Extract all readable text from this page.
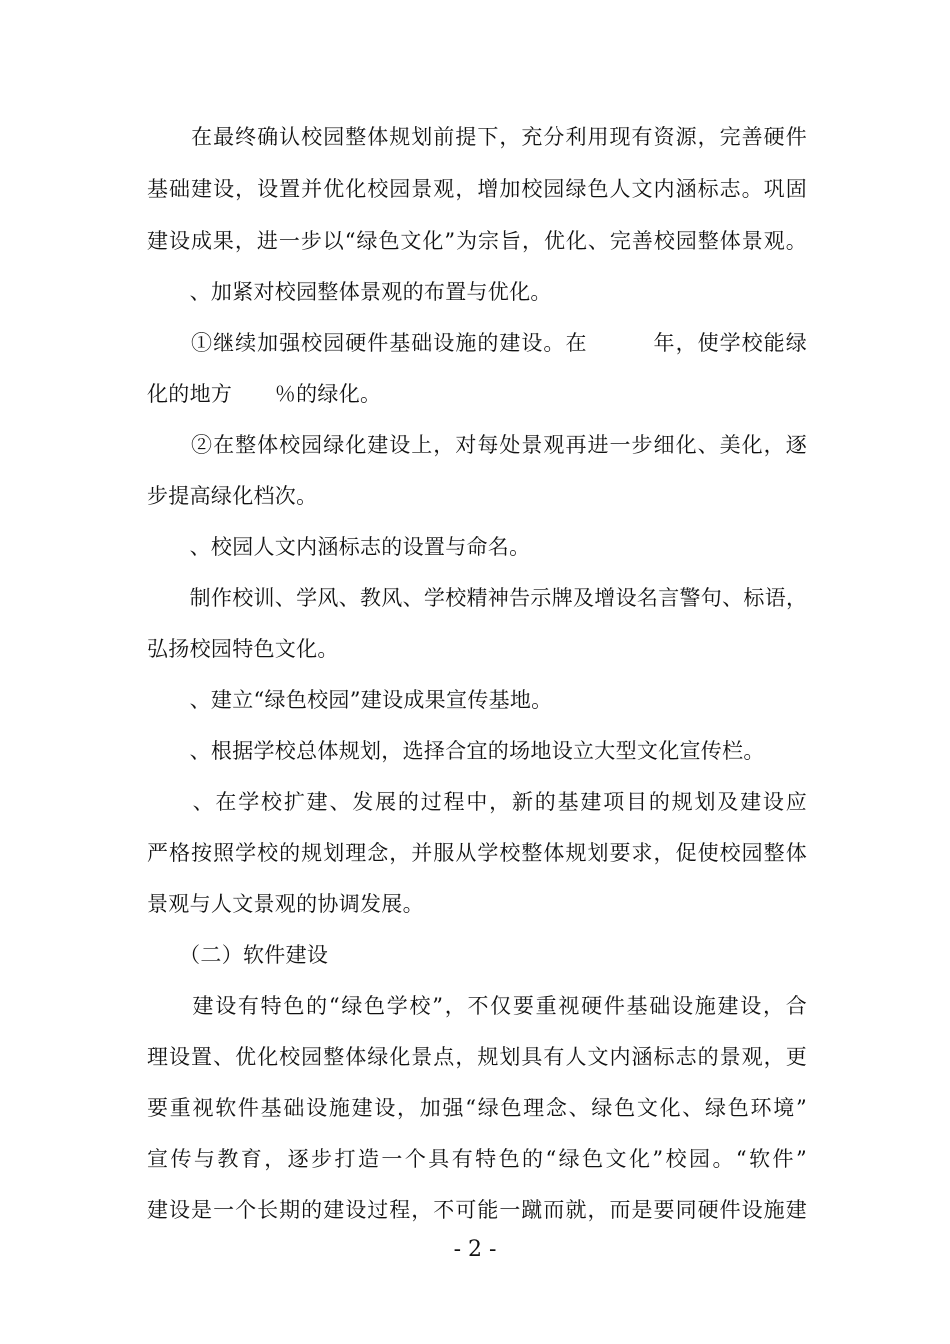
　　在最终确认校园整体规划前提下，充分利用现有资源，完善硬件
基础建设，设置并优化校园景观，增加校园绿色人文内涵标志。巩固
建设成果，进一步以“绿色文化”为宗旨，优化、完善校园整体景观。
　　、加紧对校园整体景观的布置与优化。
　　①继续加强校园硬件基础设施的建设。在　　　年，使学校能绿
化的地方　　％的绿化。
　　②在整体校园绿化建设上，对每处景观再进一步细化、美化，逐
步提高绿化档次。
　　、校园人文内涵标志的设置与命名。
　　制作校训、学风、教风、学校精神告示牌及增设名言警句、标语，
弘扬校园特色文化。
　　、建立“绿色校园”建设成果宣传基地。
　　、根据学校总体规划，选择合宜的场地设立大型文化宣传栏。
　　、在学校扩建、发展的过程中，新的基建项目的规划及建设应
严格按照学校的规划理念，并服从学校整体规划要求，促使校园整体
景观与人文景观的协调发展。
　　（二）软件建设
　　建设有特色的“绿色学校”，不仅要重视硬件基础设施建设，合
理设置、优化校园整体绿化景点，规划具有人文内涵标志的景观，更
要重视软件基础设施建设，加强“绿色理念、绿色文化、绿色环境”
宣传与教育，逐步打造一个具有特色的“绿色文化”校园。“软件”
建设是一个长期的建设过程，不可能一蹴而就，而是要同硬件设施建
- 2 -
